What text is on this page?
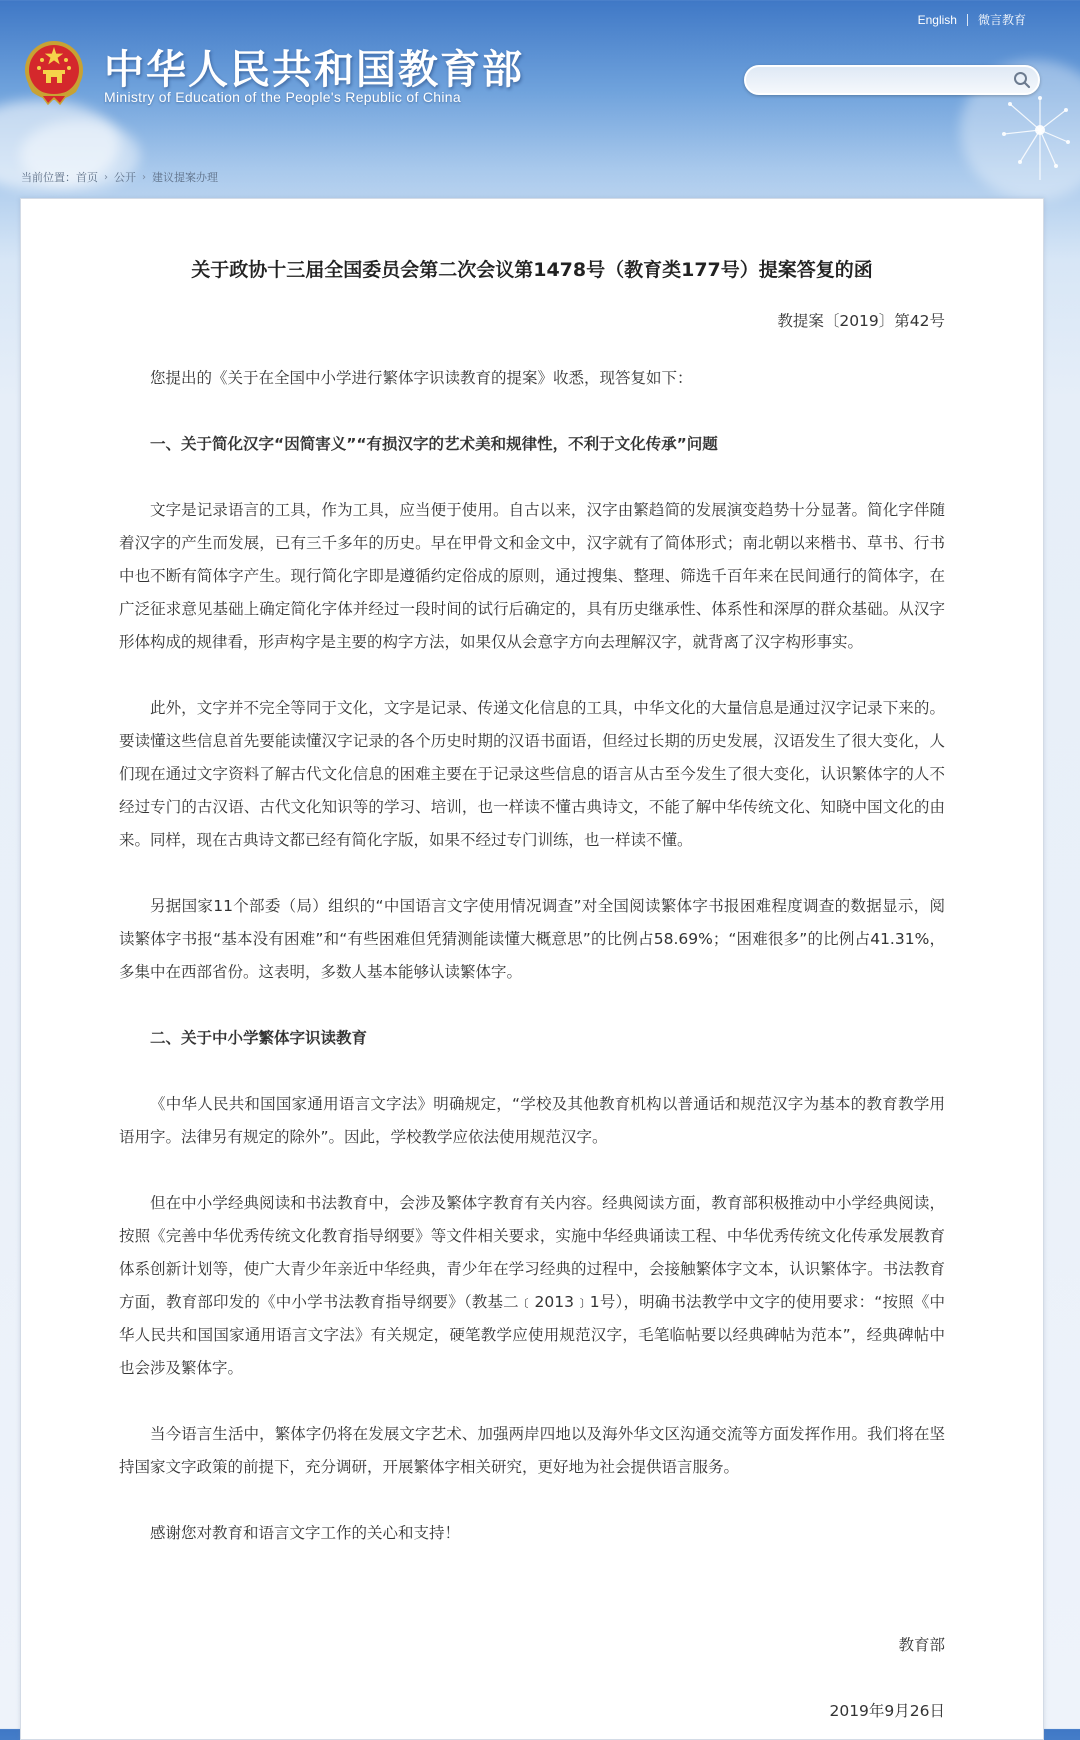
中华人民共和国教育部
Ministry of Education of the People's Republic of China
English 微言教育
当前位置： 首页 › 公开 › 建议提案办理
关于政协十三届全国委员会第二次会议第1478号（教育类177号）提案答复的函
教提案〔2019〕第42号

您提出的《关于在全国中小学进行繁体字识读教育的提案》收悉，现答复如下：

一、关于简化汉字“因简害义”“有损汉字的艺术美和规律性，不利于文化传承”问题

文字是记录语言的工具，作为工具，应当便于使用。自古以来，汉字由繁趋简的发展演变趋势十分显著。简化字伴随着汉字的产生而发展，已有三千多年的历史。早在甲骨文和金文中，汉字就有了简体形式；南北朝以来楷书、草书、行书中也不断有简体字产生。现行简化字即是遵循约定俗成的原则，通过搜集、整理、筛选千百年来在民间通行的简体字，在广泛征求意见基础上确定简化字体并经过一段时间的试行后确定的，具有历史继承性、体系性和深厚的群众基础。从汉字形体构成的规律看，形声构字是主要的构字方法，如果仅从会意字方向去理解汉字，就背离了汉字构形事实。

此外，文字并不完全等同于文化，文字是记录、传递文化信息的工具，中华文化的大量信息是通过汉字记录下来的。要读懂这些信息首先要能读懂汉字记录的各个历史时期的汉语书面语，但经过长期的历史发展，汉语发生了很大变化，人们现在通过文字资料了解古代文化信息的困难主要在于记录这些信息的语言从古至今发生了很大变化，认识繁体字的人不经过专门的古汉语、古代文化知识等的学习、培训，也一样读不懂古典诗文，不能了解中华传统文化、知晓中国文化的由来。同样，现在古典诗文都已经有简化字版，如果不经过专门训练，也一样读不懂。

另据国家11个部委（局）组织的“中国语言文字使用情况调查”对全国阅读繁体字书报困难程度调查的数据显示，阅读繁体字书报“基本没有困难”和“有些困难但凭猜测能读懂大概意思”的比例占58.69%；“困难很多”的比例占41.31%，多集中在西部省份。这表明，多数人基本能够认读繁体字。

二、关于中小学繁体字识读教育

《中华人民共和国国家通用语言文字法》明确规定，“学校及其他教育机构以普通话和规范汉字为基本的教育教学用语用字。法律另有规定的除外”。因此，学校教学应依法使用规范汉字。

但在中小学经典阅读和书法教育中，会涉及繁体字教育有关内容。经典阅读方面，教育部积极推动中小学经典阅读，按照《完善中华优秀传统文化教育指导纲要》等文件相关要求，实施中华经典诵读工程、中华优秀传统文化传承发展教育体系创新计划等，使广大青少年亲近中华经典，青少年在学习经典的过程中，会接触繁体字文本，认识繁体字。书法教育方面，教育部印发的《中小学书法教育指导纲要》（教基二﹝2013﹞1号），明确书法教学中文字的使用要求：“按照《中华人民共和国国家通用语言文字法》有关规定，硬笔教学应使用规范汉字，毛笔临帖要以经典碑帖为范本”，经典碑帖中也会涉及繁体字。

当今语言生活中，繁体字仍将在发展文字艺术、加强两岸四地以及海外华文区沟通交流等方面发挥作用。我们将在坚持国家文字政策的前提下，充分调研，开展繁体字相关研究，更好地为社会提供语言服务。

感谢您对教育和语言文字工作的关心和支持！

教育部
2019年9月26日
